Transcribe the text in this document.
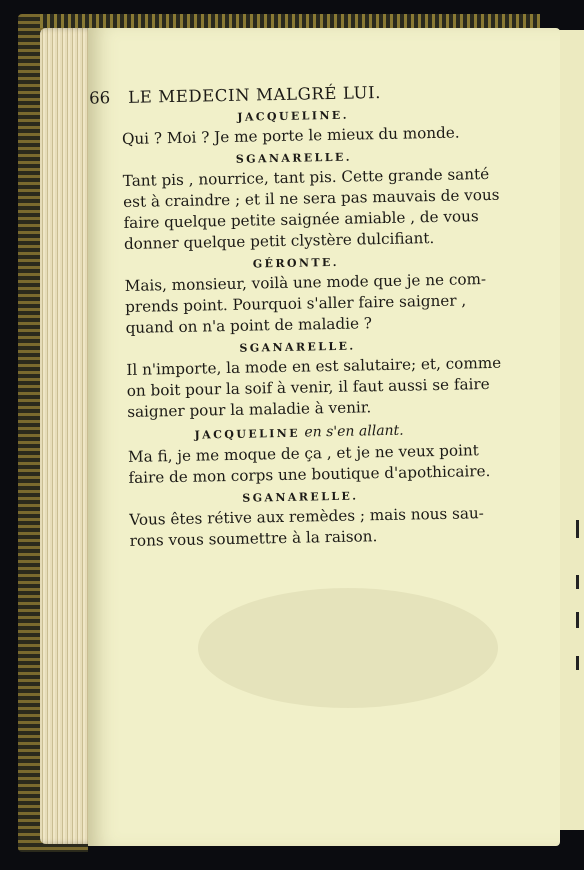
66 LE MEDECIN MALGRÉ LUI.
JACQUELINE.
Qui ? Moi ? Je me porte le mieux du monde.
SGANARELLE.
Tant pis , nourrice, tant pis. Cette grande santé
est à craindre ; et il ne sera pas mauvais de vous
faire quelque petite saignée amiable , de vous
donner quelque petit clystère dulcifiant.
GÉRONTE.
Mais, monsieur, voilà une mode que je ne com-
prends point. Pourquoi s'aller faire saigner ,
quand on n'a point de maladie ?
SGANARELLE.
Il n'importe, la mode en est salutaire; et, comme
on boit pour la soif à venir, il faut aussi se faire
saigner pour la maladie à venir.
JACQUELINE en s'en allant.
Ma fi, je me moque de ça , et je ne veux point
faire de mon corps une boutique d'apothicaire.
SGANARELLE.
Vous êtes rétive aux remèdes ; mais nous sau-
rons vous soumettre à la raison.
